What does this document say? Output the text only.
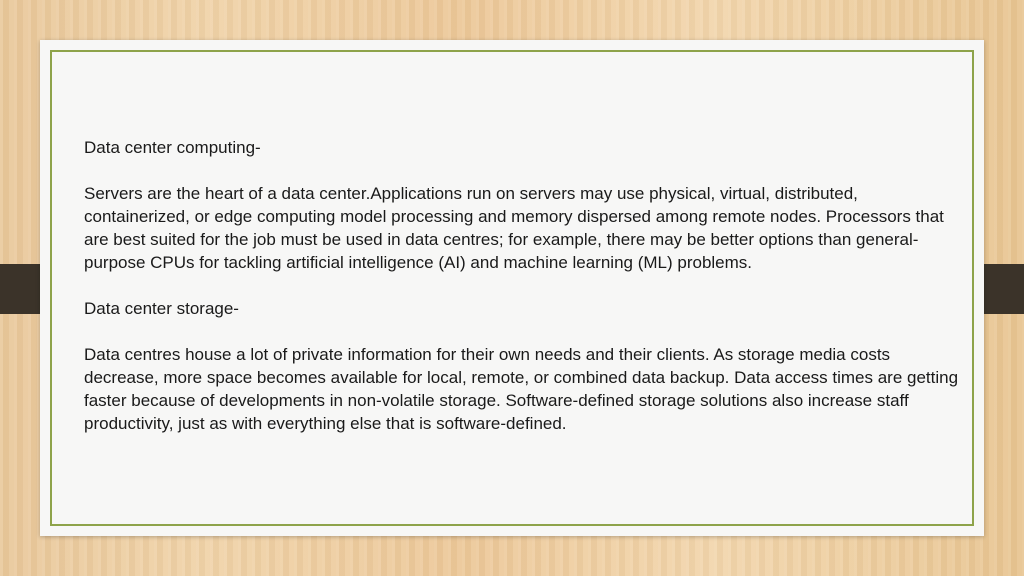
Data center computing-

Servers are the heart of a data center.Applications run on servers may use physical, virtual, distributed, containerized, or edge computing model processing and memory dispersed among remote nodes. Processors that are best suited for the job must be used in data centres; for example, there may be better options than general-purpose CPUs for tackling artificial intelligence (AI) and machine learning (ML) problems.

Data center storage-

Data centres house a lot of private information for their own needs and their clients. As storage media costs decrease, more space becomes available for local, remote, or combined data backup. Data access times are getting faster because of developments in non-volatile storage. Software-defined storage solutions also increase staff productivity, just as with everything else that is software-defined.
